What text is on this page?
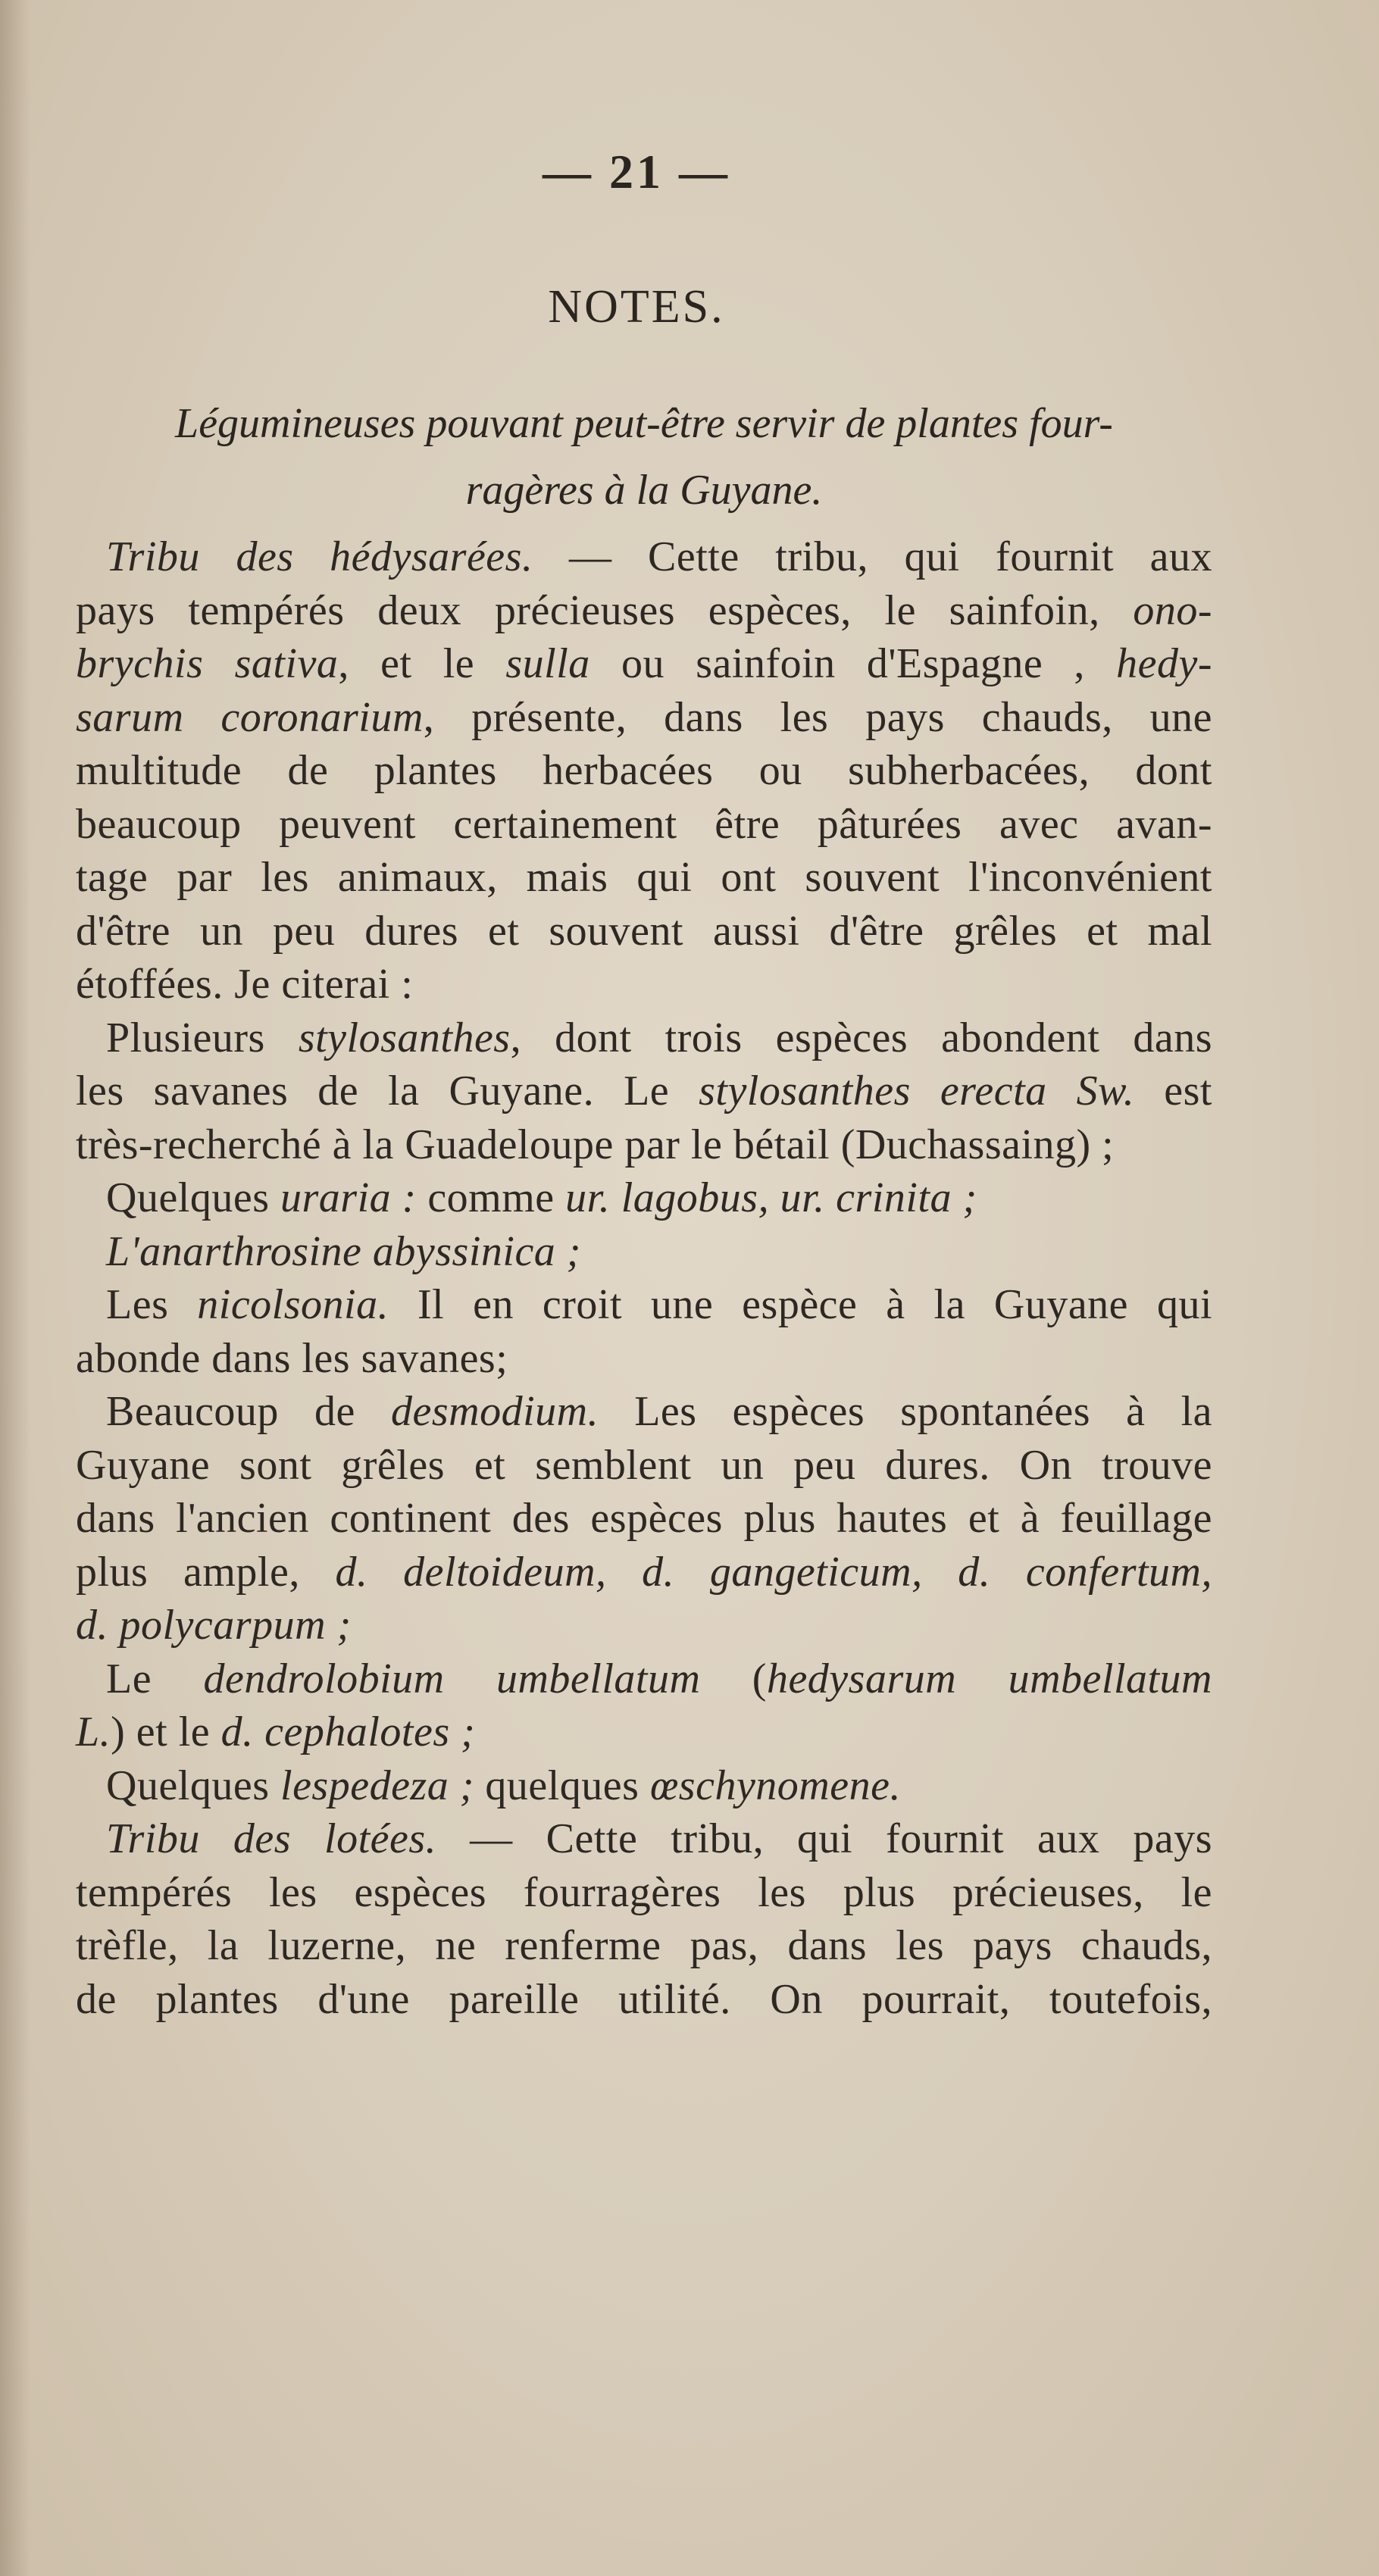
— 21 —
NOTES.
Légumineuses pouvant peut-être servir de plantes four-
ragères à la Guyane.
Tribu des hédysarées. — Cette tribu, qui fournit aux
pays tempérés deux précieuses espèces, le sainfoin, ono-
brychis sativa, et le sulla ou sainfoin d'Espagne , hedy-
sarum coronarium, présente, dans les pays chauds, une
multitude de plantes herbacées ou subherbacées, dont
beaucoup peuvent certainement être pâturées avec avan-
tage par les animaux, mais qui ont souvent l'inconvénient
d'être un peu dures et souvent aussi d'être grêles et mal
étoffées. Je citerai :
Plusieurs stylosanthes, dont trois espèces abondent dans
les savanes de la Guyane. Le stylosanthes erecta Sw. est
très-recherché à la Guadeloupe par le bétail (Duchassaing) ;
Quelques uraria : comme ur. lagobus, ur. crinita ;
L'anarthrosine abyssinica ;
Les nicolsonia. Il en croit une espèce à la Guyane qui
abonde dans les savanes;
Beaucoup de desmodium. Les espèces spontanées à la
Guyane sont grêles et semblent un peu dures. On trouve
dans l'ancien continent des espèces plus hautes et à feuillage
plus ample, d. deltoideum, d. gangeticum, d. confertum,
d. polycarpum ;
Le dendrolobium umbellatum (hedysarum umbellatum
L.) et le d. cephalotes ;
Quelques lespedeza ; quelques œschynomene.
Tribu des lotées. — Cette tribu, qui fournit aux pays
tempérés les espèces fourragères les plus précieuses, le
trèfle, la luzerne, ne renferme pas, dans les pays chauds,
de plantes d'une pareille utilité. On pourrait, toutefois,
